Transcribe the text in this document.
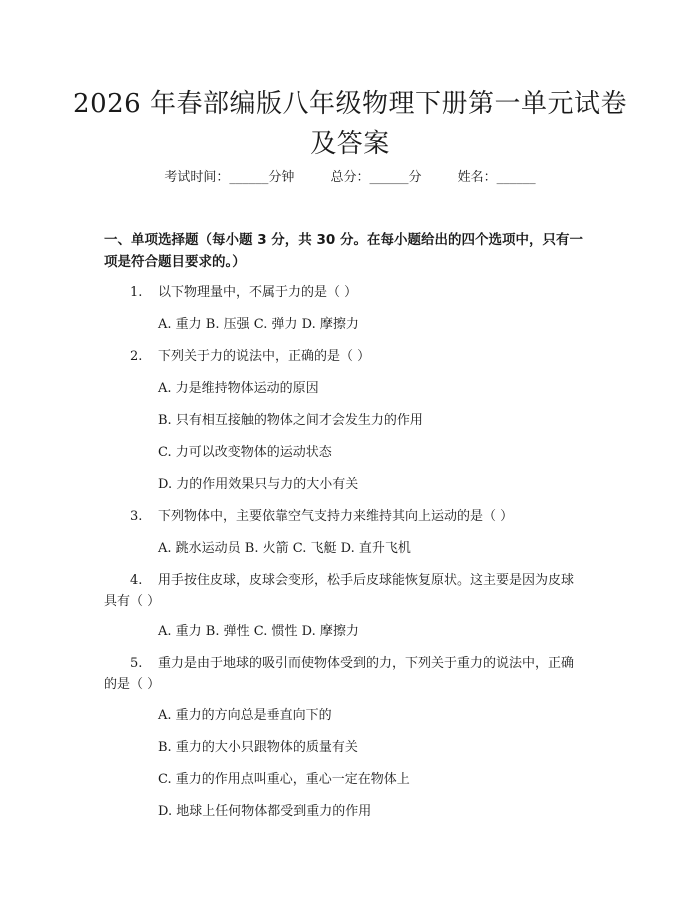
2026 年春部编版八年级物理下册第一单元试卷及答案
考试时间：______分钟	总分：______分	姓名：______
一、单项选择题（每小题 3 分，共 30 分。在每小题给出的四个选项中，只有一项是符合题目要求的。）
1. 以下物理量中，不属于力的是（ ）
A. 重力 B. 压强 C. 弹力 D. 摩擦力
2. 下列关于力的说法中，正确的是（ ）
A. 力是维持物体运动的原因
B. 只有相互接触的物体之间才会发生力的作用
C. 力可以改变物体的运动状态
D. 力的作用效果只与力的大小有关
3. 下列物体中，主要依靠空气支持力来维持其向上运动的是（ ）
A. 跳水运动员 B. 火箭 C. 飞艇 D. 直升飞机
4. 用手按住皮球，皮球会变形，松手后皮球能恢复原状。这主要是因为皮球
具有（ ）
A. 重力 B. 弹性 C. 惯性 D. 摩擦力
5. 重力是由于地球的吸引而使物体受到的力，下列关于重力的说法中，正确
的是（ ）
A. 重力的方向总是垂直向下的
B. 重力的大小只跟物体的质量有关
C. 重力的作用点叫重心，重心一定在物体上
D. 地球上任何物体都受到重力的作用
